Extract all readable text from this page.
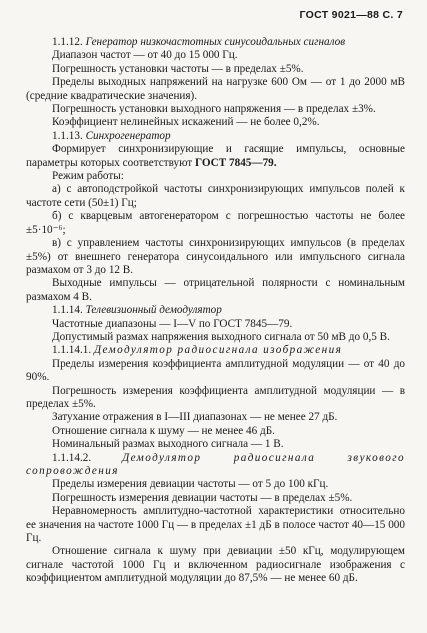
ГОСТ 9021—88 С. 7

1.1.12. Генератор низкочастотных синусоидальных сигналов

Диапазон частот — от 40 до 15 000 Гц.

Погрешность установки частоты — в пределах ±5%.

Пределы выходных напряжений на нагрузке 600 Ом — от 1 до 2000 мВ (средние квадратические значения).

Погрешность установки выходного напряжения — в пределах ±3%.

Коэффициент нелинейных искажений — не более 0,2%.

1.1.13. Синхрогенератор

Формирует синхронизирующие и гасящие импульсы, основные параметры которых соответствуют ГОСТ 7845—79.

Режим работы:

а) с автоподстройкой частоты синхронизирующих импульсов полей к частоте сети (50±1) Гц;

б) с кварцевым автогенератором с погрешностью частоты не более ±5·10⁻⁶;

в) с управлением частоты синхронизирующих импульсов (в пределах ±5%) от внешнего генератора синусоидального или импульсного сигнала размахом от 3 до 12 В.

Выходные импульсы — отрицательной полярности с номинальным размахом 4 В.

1.1.14. Телевизионный демодулятор

Частотные диапазоны — I—V по ГОСТ 7845—79.

Допустимый размах напряжения выходного сигнала от 50 мВ до 0,5 В.

1.1.14.1. Демодулятор радиосигнала изображения

Пределы измерения коэффициента амплитудной модуляции — от 40 до 90%.

Погрешность измерения коэффициента амплитудной модуляции — в пределах ±5%.

Затухание отражения в I—III диапазонах — не менее 27 дБ.

Отношение сигнала к шуму — не менее 46 дБ.

Номинальный размах выходного сигнала — 1 В.

1.1.14.2. Демодулятор радиосигнала звукового сопровождения

Пределы измерения девиации частоты — от 5 до 100 кГц.

Погрешность измерения девиации частоты — в пределах ±5%.

Неравномерность амплитудно-частотной характеристики относительно ее значения на частоте 1000 Гц — в пределах ±1 дБ в полосе частот 40—15 000 Гц.

Отношение сигнала к шуму при девиации ±50 кГц, модулирующем сигнале частотой 1000 Гц и включенном радиосигнале изображения с коэффициентом амплитудной модуляции до 87,5% — не менее 60 дБ.
